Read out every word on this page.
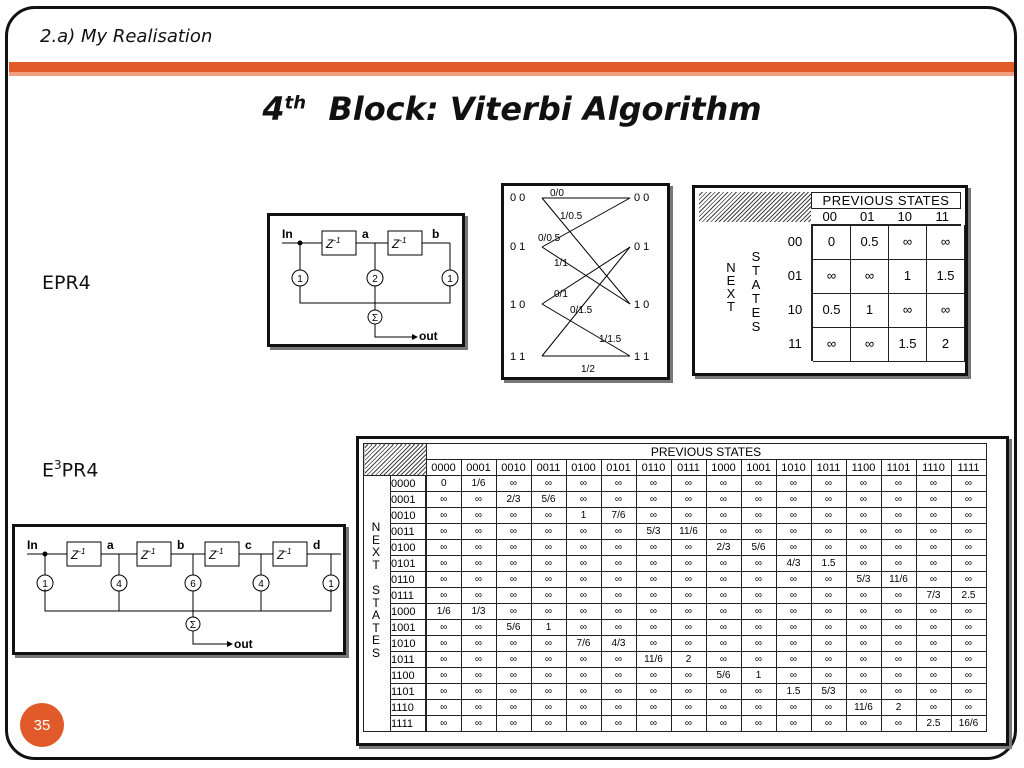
2.a) My Realisation
4th Block: Viterbi Algorithm
EPR4
$E^3PR4$
In
$Z^{-1}$ a
$Z^{-1}$ b
1	2	1
Σ
out
0 0
0 1
1 0
1 1
0 0
0 1
1 0
1 1
0/0
1/0.5
0/0.5
1/1
0/1
0/1.5
1/1.5
1/2
PREVIOUS STATES
00	01	10	11
N
E
X
T
S
T
A
T
E
S
00	0	0.5	∞	∞
01	∞	∞	1	1.5
10	0.5	1	∞	∞
11	∞	∞	1.5	2
In
$Z^{-1}$ a
$Z^{-1}$ b
$Z^{-1}$ c
$Z^{-1}$ d
1	4	6	4	1
Σ
out
		PREVIOUS STATES															
		0000	0001	0010	0011	0100	0101	0110	0111	1000	1001	1010	1011	1100	1101	1110	1111
	0000	0	1/6	∞	∞	∞	∞	∞	∞	∞	∞	∞	∞	∞	∞	∞	∞
	0001	∞	∞	2/3	5/6	∞	∞	∞	∞	∞	∞	∞	∞	∞	∞	∞	∞
	0010	∞	∞	∞	∞	1	7/6	∞	∞	∞	∞	∞	∞	∞	∞	∞	∞
	0011	∞	∞	∞	∞	∞	∞	5/3	11/6	∞	∞	∞	∞	∞	∞	∞	∞
	0100	∞	∞	∞	∞	∞	∞	∞	∞	2/3	5/6	∞	∞	∞	∞	∞	∞
	0101	∞	∞	∞	∞	∞	∞	∞	∞	∞	∞	4/3	1.5	∞	∞	∞	∞
	0110	∞	∞	∞	∞	∞	∞	∞	∞	∞	∞	∞	∞	5/3	11/6	∞	∞
	0111	∞	∞	∞	∞	∞	∞	∞	∞	∞	∞	∞	∞	∞	∞	7/3	2.5
	1000	1/6	1/3	∞	∞	∞	∞	∞	∞	∞	∞	∞	∞	∞	∞	∞	∞
	1001	∞	∞	5/6	1	∞	∞	∞	∞	∞	∞	∞	∞	∞	∞	∞	∞
	1010	∞	∞	∞	∞	7/6	4/3	∞	∞	∞	∞	∞	∞	∞	∞	∞	∞
	1011	∞	∞	∞	∞	∞	∞	11/6	2	∞	∞	∞	∞	∞	∞	∞	∞
	1100	∞	∞	∞	∞	∞	∞	∞	∞	5/6	1	∞	∞	∞	∞	∞	∞
	1101	∞	∞	∞	∞	∞	∞	∞	∞	∞	∞	1.5	5/3	∞	∞	∞	∞
	1110	∞	∞	∞	∞	∞	∞	∞	∞	∞	∞	∞	∞	11/6	2	∞	∞
	1111	∞	∞	∞	∞	∞	∞	∞	∞	∞	∞	∞	∞	∞	∞	2.5	16/6
N
E
X
T
S
T
A
T
E
S
35
